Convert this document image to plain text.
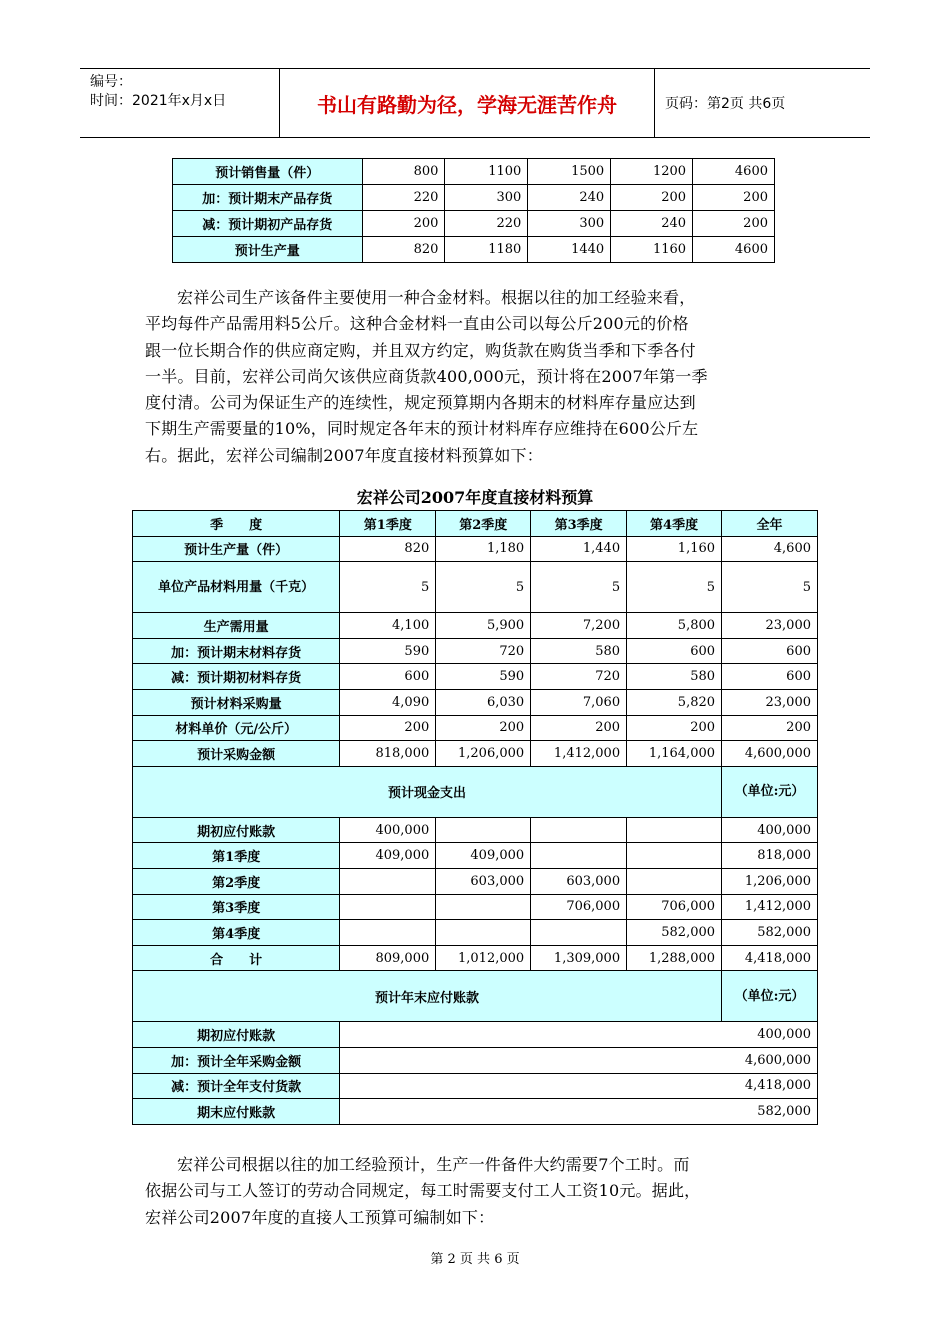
编号：
时间：2021年x月x日	书山有路勤为径，学海无涯苦作舟	页码：第2页 共6页
预计销售量（件）	800	1100	1500	1200	4600
加：预计期末产品存货	220	300	240	200	200
减：预计期初产品存货	200	220	300	240	200
预计生产量	820	1180	1440	1160	4600
宏祥公司生产该备件主要使用一种合金材料。根据以往的加工经验来看，
平均每件产品需用料5公斤。这种合金材料一直由公司以每公斤200元的价格
跟一位长期合作的供应商定购，并且双方约定，购货款在购货当季和下季各付
一半。目前，宏祥公司尚欠该供应商货款400,000元，预计将在2007年第一季
度付清。公司为保证生产的连续性，规定预算期内各期末的材料库存量应达到
下期生产需要量的10%，同时规定各年末的预计材料库存应维持在600公斤左
右。据此，宏祥公司编制2007年度直接材料预算如下：
宏祥公司2007年度直接材料预算
季　　度	第1季度	第2季度	第3季度	第4季度	全年
预计生产量（件）	820	1,180	1,440	1,160	4,600
单位产品材料用量（千克）	5	5	5	5	5
生产需用量	4,100	5,900	7,200	5,800	23,000
加：预计期末材料存货	590	720	580	600	600
减：预计期初材料存货	600	590	720	580	600
预计材料采购量	4,090	6,030	7,060	5,820	23,000
材料单价（元/公斤）	200	200	200	200	200
预计采购金额	818,000	1,206,000	1,412,000	1,164,000	4,600,000
预计现金支出					（单位:元）
期初应付账款	400,000				400,000
第1季度	409,000	409,000			818,000
第2季度		603,000	603,000		1,206,000
第3季度			706,000	706,000	1,412,000
第4季度				582,000	582,000
合　　计	809,000	1,012,000	1,309,000	1,288,000	4,418,000
预计年末应付账款					（单位:元）
期初应付账款	400,000				
加：预计全年采购金额	4,600,000				
减：预计全年支付货款	4,418,000				
期末应付账款	582,000				
宏祥公司根据以往的加工经验预计，生产一件备件大约需要7个工时。而
依据公司与工人签订的劳动合同规定，每工时需要支付工人工资10元。据此，
宏祥公司2007年度的直接人工预算可编制如下：
第 2 页 共 6 页
